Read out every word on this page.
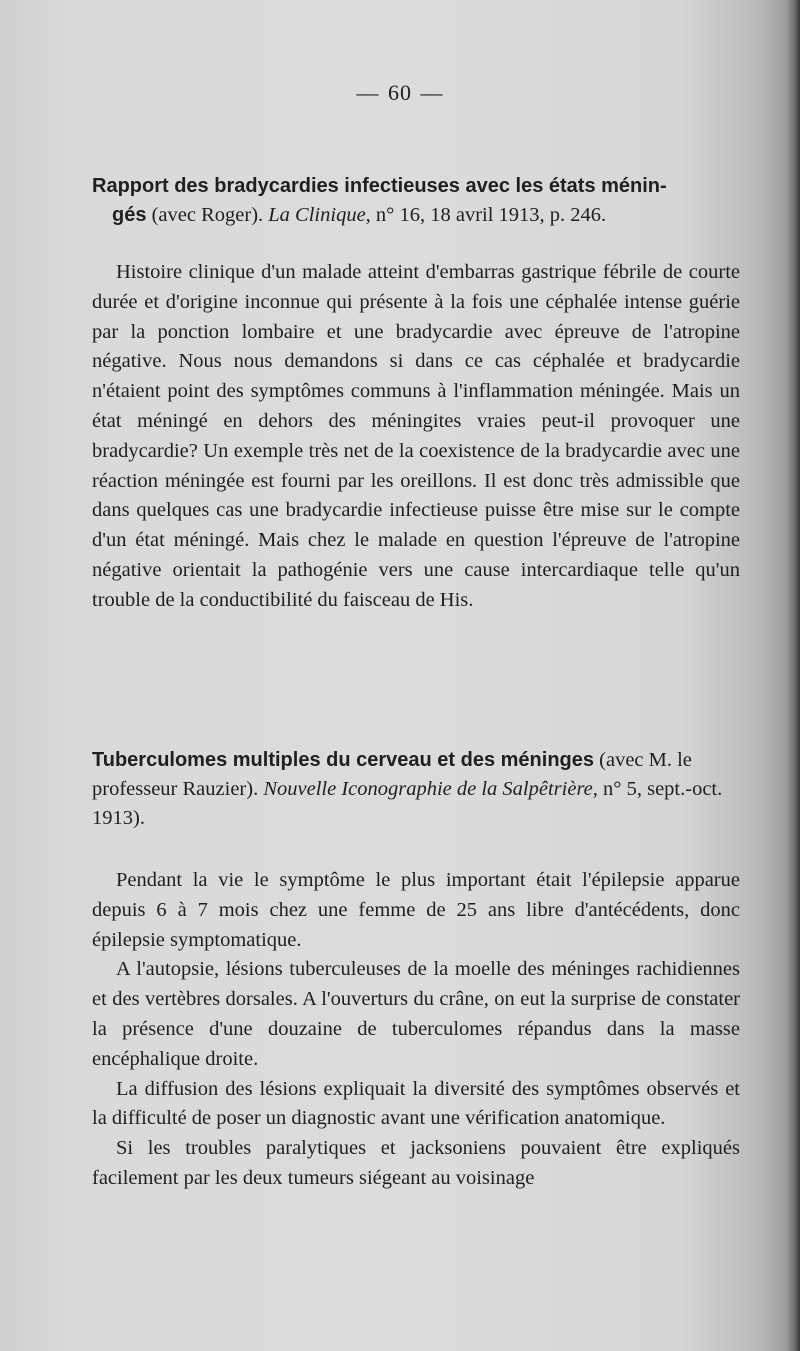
— 60 —
Rapport des bradycardies infectieuses avec les états ménin-
gés (avec Roger). La Clinique, n° 16, 18 avril 1913, p. 246.

Histoire clinique d'un malade atteint d'embarras gastrique fébrile de courte durée et d'origine inconnue qui présente à la fois une céphalée intense guérie par la ponction lombaire et une bradycardie avec épreuve de l'atropine négative. Nous nous demandons si dans ce cas céphalée et bradycardie n'étaient point des symptômes communs à l'inflammation méningée. Mais un état méningé en dehors des méningites vraies peut-il provoquer une bradycardie? Un exemple très net de la coexistence de la bradycardie avec une réaction méningée est fourni par les oreillons. Il est donc très admissible que dans quelques cas une bradycardie infectieuse puisse être mise sur le compte d'un état méningé. Mais chez le malade en question l'épreuve de l'atropine négative orientait la pathogénie vers une cause intercardiaque telle qu'un trouble de la conductibilité du faisceau de His.

Tuberculomes multiples du cerveau et des méninges (avec M. le professeur Rauzier). Nouvelle Iconographie de la Salpêtrière, n° 5, sept.-oct. 1913).

Pendant la vie le symptôme le plus important était l'épilepsie apparue depuis 6 à 7 mois chez une femme de 25 ans libre d'antécédents, donc épilepsie symptomatique.

A l'autopsie, lésions tuberculeuses de la moelle des méninges rachidiennes et des vertèbres dorsales. A l'ouverturs du crâne, on eut la surprise de constater la présence d'une douzaine de tuberculomes répandus dans la masse encéphalique droite.

La diffusion des lésions expliquait la diversité des symptômes observés et la difficulté de poser un diagnostic avant une vérification anatomique.

Si les troubles paralytiques et jacksoniens pouvaient être expliqués facilement par les deux tumeurs siégeant au voisinage
